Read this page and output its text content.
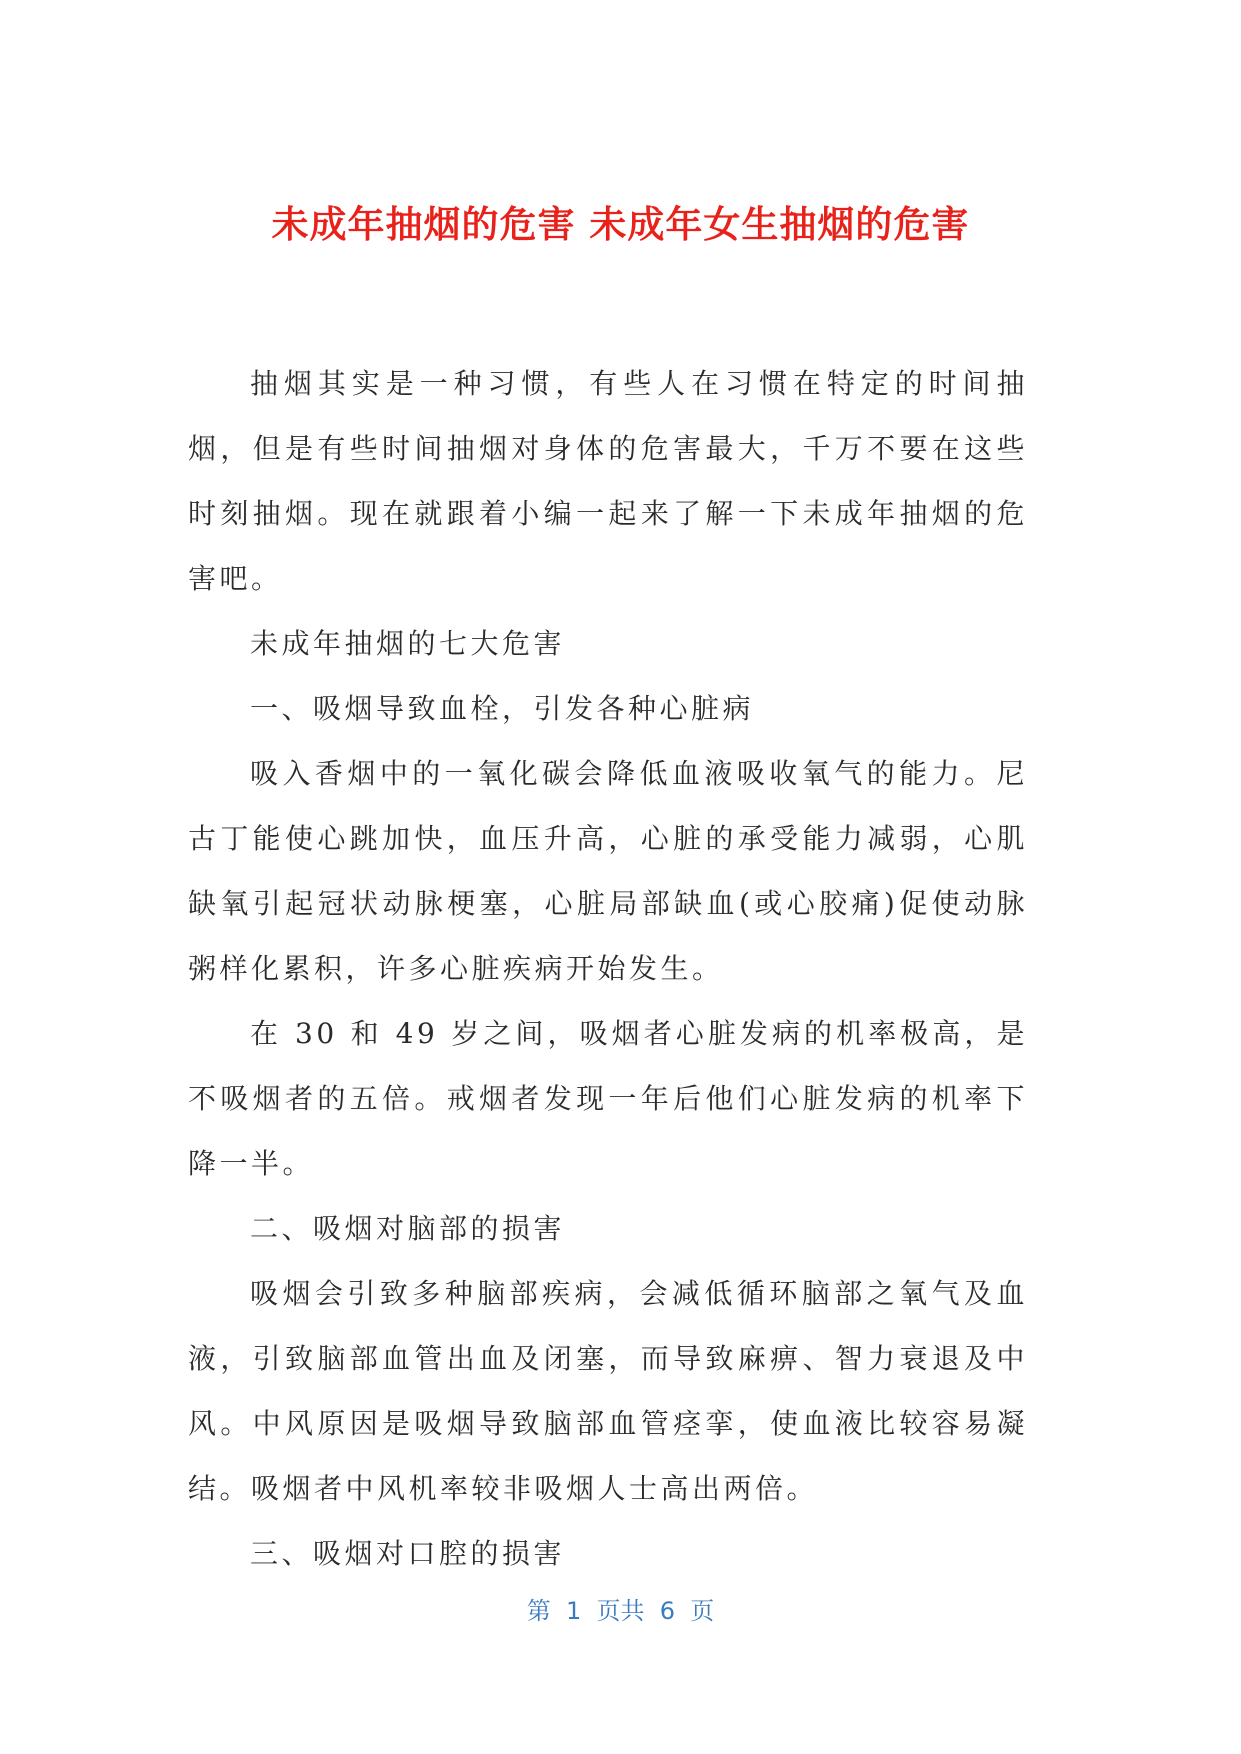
未成年抽烟的危害 未成年女生抽烟的危害

抽烟其实是一种习惯，有些人在习惯在特定的时间抽烟，但是有些时间抽烟对身体的危害最大，千万不要在这些时刻抽烟。现在就跟着小编一起来了解一下未成年抽烟的危害吧。

未成年抽烟的七大危害

一、吸烟导致血栓，引发各种心脏病

吸入香烟中的一氧化碳会降低血液吸收氧气的能力。尼古丁能使心跳加快，血压升高，心脏的承受能力减弱，心肌缺氧引起冠状动脉梗塞，心脏局部缺血(或心胶痛)促使动脉粥样化累积，许多心脏疾病开始发生。

在 30 和 49 岁之间，吸烟者心脏发病的机率极高，是不吸烟者的五倍。戒烟者发现一年后他们心脏发病的机率下降一半。

二、吸烟对脑部的损害

吸烟会引致多种脑部疾病，会减低循环脑部之氧气及血液，引致脑部血管出血及闭塞，而导致麻痹、智力衰退及中风。中风原因是吸烟导致脑部血管痉挛，使血液比较容易凝结。吸烟者中风机率较非吸烟人士高出两倍。

三、吸烟对口腔的损害

第  1  页共  6  页
